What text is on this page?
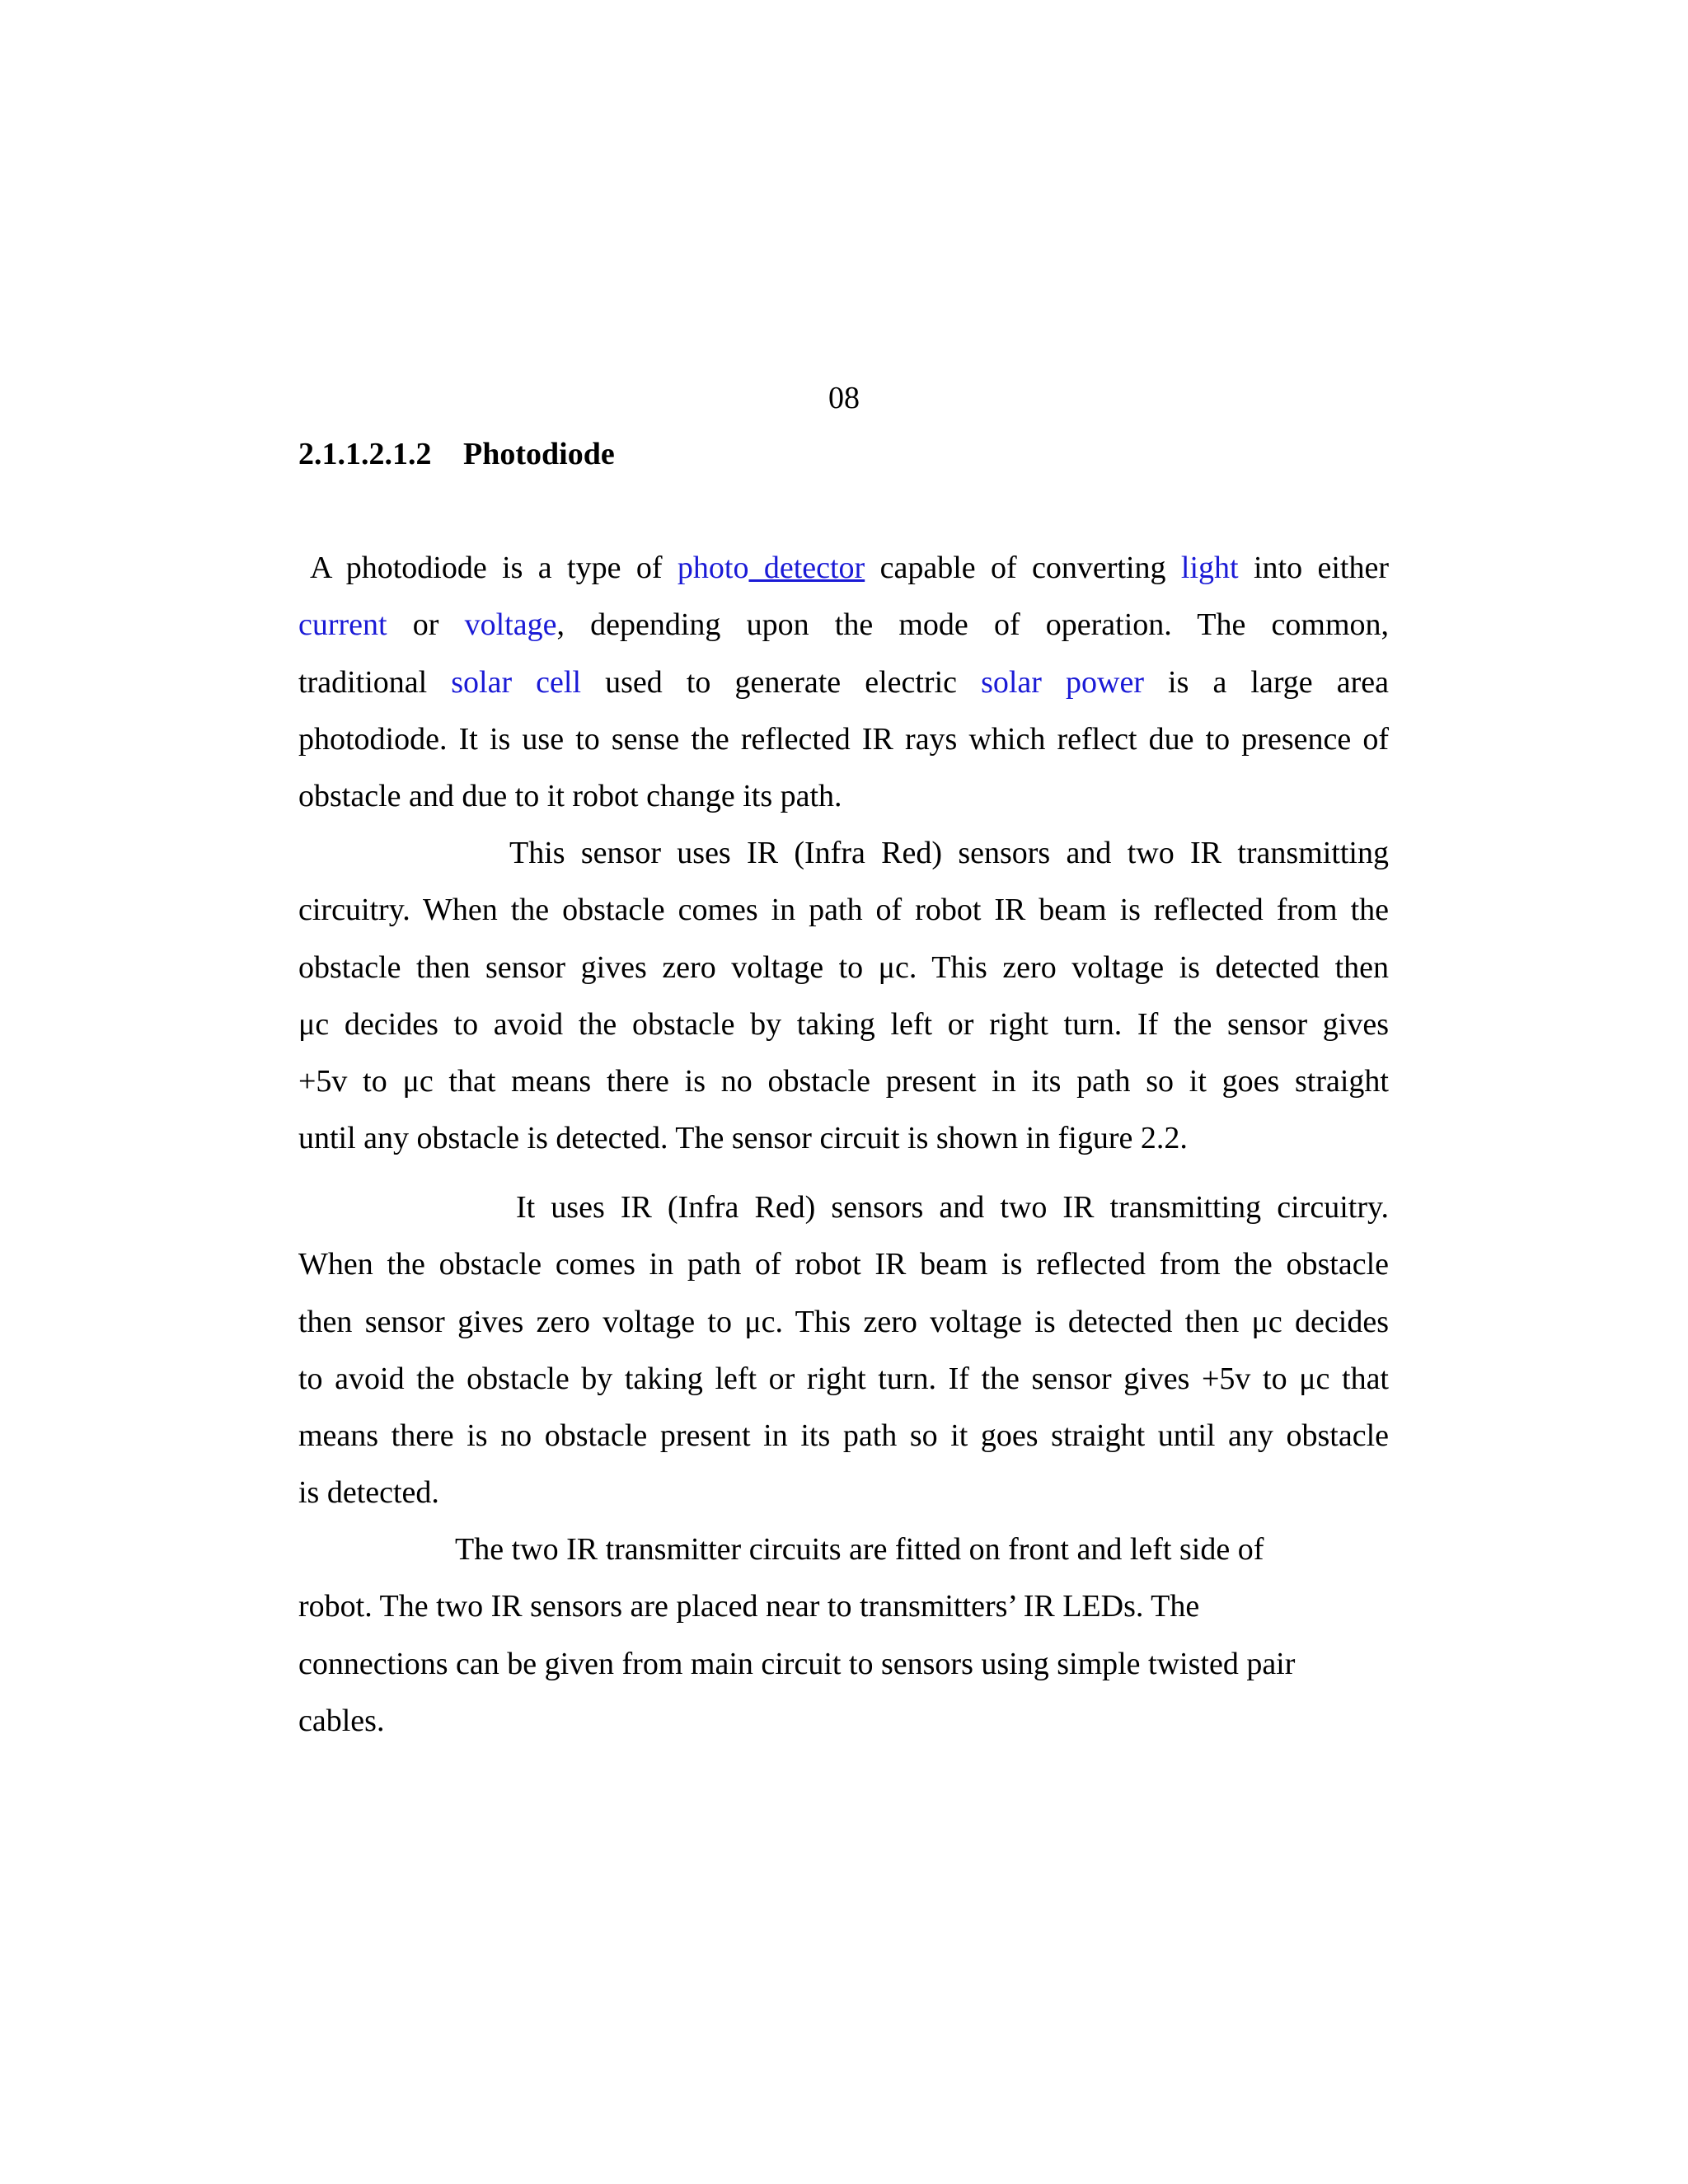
08
2.1.1.2.1.2 Photodiode
A photodiode is a type of photo detector capable of converting light into either
current or voltage, depending upon the mode of operation. The common,
traditional solar cell used to generate electric solar power is a large area
photodiode. It is use to sense the reflected IR rays which reflect due to presence of
obstacle and due to it robot change its path.
This sensor uses IR (Infra Red) sensors and two IR transmitting
circuitry. When the obstacle comes in path of robot IR beam is reflected from the
obstacle then sensor gives zero voltage to μc. This zero voltage is detected then
μc decides to avoid the obstacle by taking left or right turn. If the sensor gives
+5v to μc that means there is no obstacle present in its path so it goes straight
until any obstacle is detected. The sensor circuit is shown in figure 2.2.
It uses IR (Infra Red) sensors and two IR transmitting circuitry.
When the obstacle comes in path of robot IR beam is reflected from the obstacle
then sensor gives zero voltage to μc. This zero voltage is detected then μc decides
to avoid the obstacle by taking left or right turn. If the sensor gives +5v to μc that
means there is no obstacle present in its path so it goes straight until any obstacle
is detected.
The two IR transmitter circuits are fitted on front and left side of
robot. The two IR sensors are placed near to transmitters’ IR LEDs. The
connections can be given from main circuit to sensors using simple twisted pair
cables.
